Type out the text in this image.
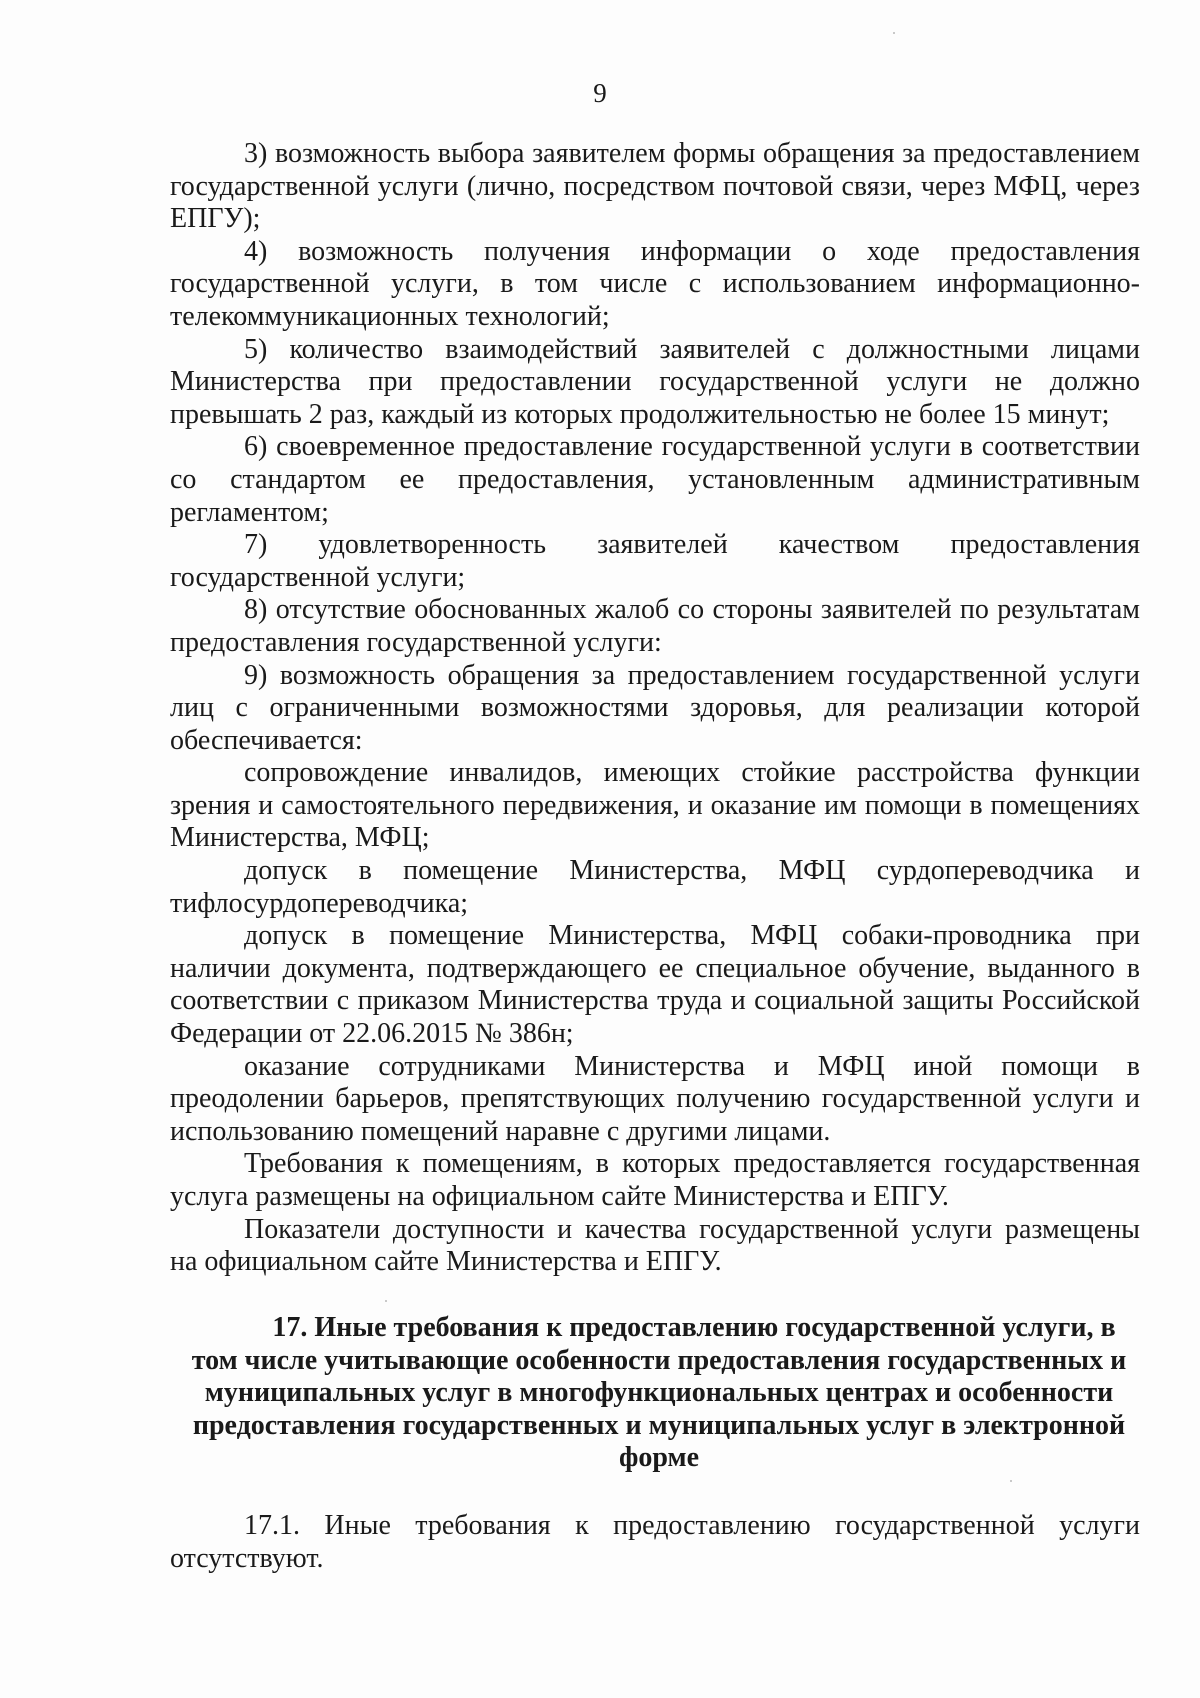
9

3) возможность выбора заявителем формы обращения за предоставлением государственной услуги (лично, посредством почтовой связи, через МФЦ, через ЕПГУ);

4) возможность получения информации о ходе предоставления государственной услуги, в том числе с использованием информационно-телекоммуникационных технологий;

5) количество взаимодействий заявителей с должностными лицами Министерства при предоставлении государственной услуги не должно превышать 2 раз, каждый из которых продолжительностью не более 15 минут;

6) своевременное предоставление государственной услуги в соответствии со стандартом ее предоставления, установленным административным регламентом;

7) удовлетворенность заявителей качеством предоставления государственной услуги;

8) отсутствие обоснованных жалоб со стороны заявителей по результатам предоставления государственной услуги:

9) возможность обращения за предоставлением государственной услуги лиц с ограниченными возможностями здоровья, для реализации которой обеспечивается:

сопровождение инвалидов, имеющих стойкие расстройства функции зрения и самостоятельного передвижения, и оказание им помощи в помещениях Министерства, МФЦ;

допуск в помещение Министерства, МФЦ сурдопереводчика и тифлосурдопереводчика;

допуск в помещение Министерства, МФЦ собаки-проводника при наличии документа, подтверждающего ее специальное обучение, выданного в соответствии с приказом Министерства труда и социальной защиты Российской Федерации от 22.06.2015 № 386н;

оказание сотрудниками Министерства и МФЦ иной помощи в преодолении барьеров, препятствующих получению государственной услуги и использованию помещений наравне с другими лицами.

Требования к помещениям, в которых предоставляется государственная услуга размещены на официальном сайте Министерства и ЕПГУ.

Показатели доступности и качества государственной услуги размещены на официальном сайте Министерства и ЕПГУ.

17. Иные требования к предоставлению государственной услуги, в том числе учитывающие особенности предоставления государственных и муниципальных услуг в многофункциональных центрах и особенности предоставления государственных и муниципальных услуг в электронной форме

17.1. Иные требования к предоставлению государственной услуги отсутствуют.
